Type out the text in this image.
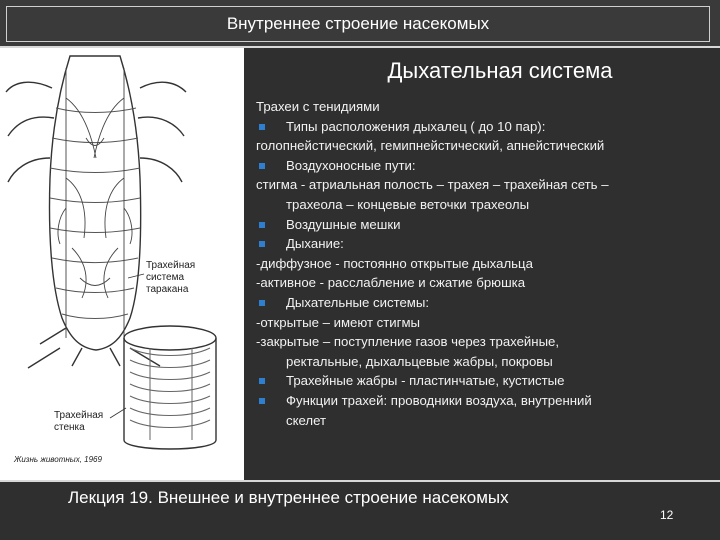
Внутреннее строение насекомых
Трахейная система таракана
Трахейная стенка
Жизнь животных, 1969
Дыхательная система
Трахеи с тенидиями
Типы расположения дыхалец ( до 10 пар):
голопнейстический, гемипнейстический, апнейстический
Воздухоносные пути:
стигма - атриальная полость – трахея – трахейная сеть –
трахеола – концевые веточки трахеолы
Воздушные мешки
Дыхание:
-диффузное - постоянно открытые дыхальца
-активное - расслабление и сжатие брюшка
Дыхательные системы:
-открытые – имеют стигмы
-закрытые – поступление газов через трахейные,
ректальные, дыхальцевые жабры, покровы
Трахейные жабры - пластинчатые, кустистые
Функции трахей: проводники воздуха, внутренний
скелет
Лекция 19. Внешнее и внутреннее строение насекомых
12
